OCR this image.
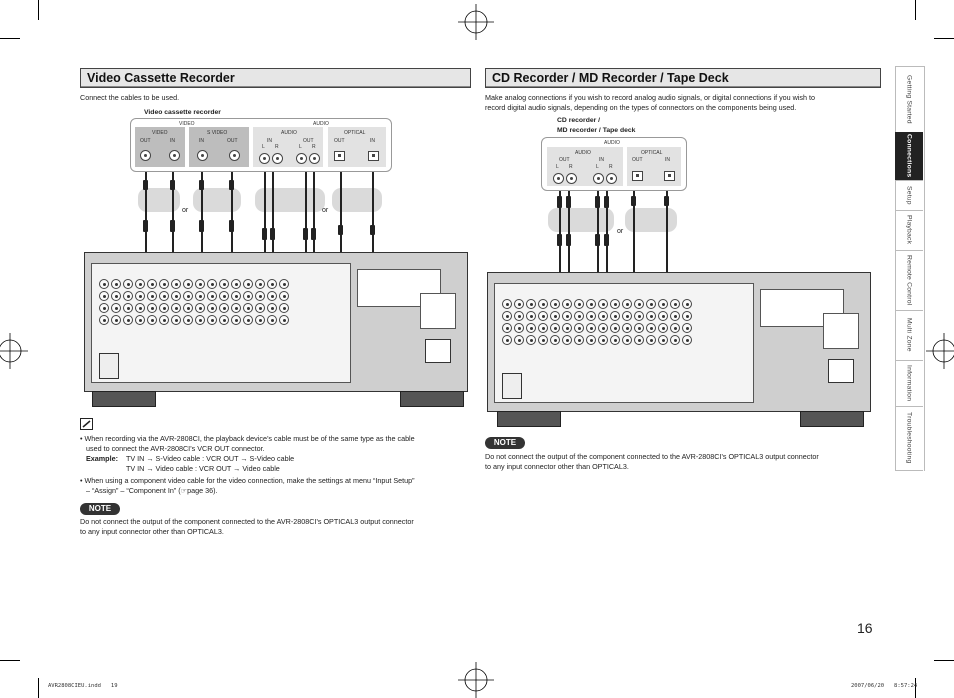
Video Cassette Recorder
Connect the cables to be used.
Video cassette recorder
VIDEO	AUDIO
VIDEO
OUT	IN
S VIDEO
IN	OUT
AUDIO
IN	OUT
L R	L R
OPTICAL
OUT	IN
or	or
• When recording via the AVR-2808CI, the playback device’s cable must be of the same type as the cable
used to connect the AVR-2808CI’s VCR OUT connector.
Example: TV IN → S-Video cable : VCR OUT → S-Video cable
TV IN → Video cable : VCR OUT → Video cable
• When using a component video cable for the video connection, make the settings at menu “Input Setup”
– “Assign” – “Component In” (☞page 36).
NOTE
Do not connect the output of the component connected to the AVR-2808CI’s OPTICAL3 output connector
to any input connector other than OPTICAL3.
CD Recorder / MD Recorder / Tape Deck
Make analog connections if you wish to record analog audio signals, or digital connections if you wish to
record digital audio signals, depending on the types of connectors on the components being used.
CD recorder /
MD recorder / Tape deck
AUDIO
AUDIO
OUT	IN
L R	L R
OPTICAL
OUT	IN
or
NOTE
Do not connect the output of the component connected to the AVR-2808CI’s OPTICAL3 output connector
to any input connector other than OPTICAL3.
Getting Started
Connections
Setup
Playback
Remote Control
Multi Zone
Information
Troubleshooting
16
AVR2808CIEU.indd   19	2007/06/20   8:57:24
